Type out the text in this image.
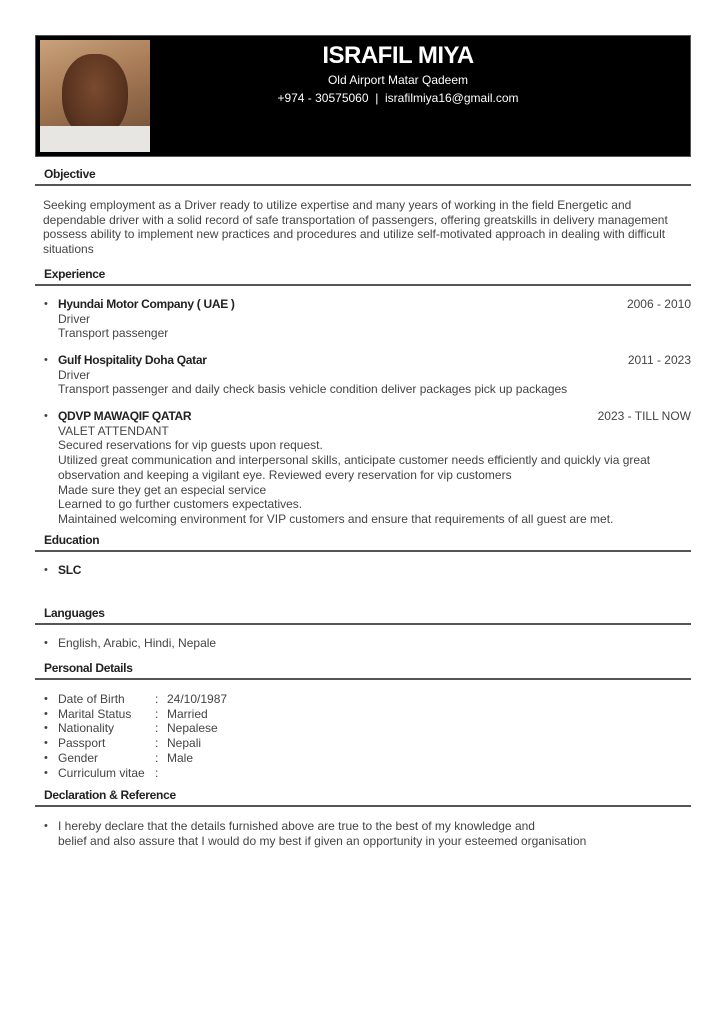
ISRAFIL MIYA
Old Airport Matar Qadeem
+974 - 30575060 | israfilmiya16@gmail.com
Objective
Seeking employment as a Driver ready to utilize expertise and many years of working in the field Energetic and dependable driver with a solid record of safe transportation of passengers, offering greatskills in delivery management possess ability to implement new practices and procedures and utilize self-motivated approach in dealing with difficult situations
Experience
• Hyundai Motor Company ( UAE )	2006 - 2010
Driver
Transport passenger
• Gulf Hospitality Doha Qatar	2011 - 2023
Driver
Transport passenger and daily check basis vehicle condition deliver packages pick up packages
• QDVP MAWAQIF QATAR	2023 - TILL NOW
VALET ATTENDANT
Secured reservations for vip guests upon request.
Utilized great communication and interpersonal skills, anticipate customer needs efficiently and quickly via great observation and keeping a vigilant eye. Reviewed every reservation for vip customers
Made sure they get an especial service
Learned to go further customers expectatives.
Maintained welcoming environment for VIP customers and ensure that requirements of all guest are met.
Education
• SLC
Languages
• English, Arabic, Hindi, Nepale
Personal Details
• Date of Birth	: 24/10/1987
• Marital Status	: Married
• Nationality	: Nepalese
• Passport	: Nepali
• Gender	: Male
• Curriculum vitae :
Declaration & Reference
• I hereby declare that the details furnished above are true to the best of my knowledge and
belief and also assure that I would do my best if given an opportunity in your esteemed organisation
